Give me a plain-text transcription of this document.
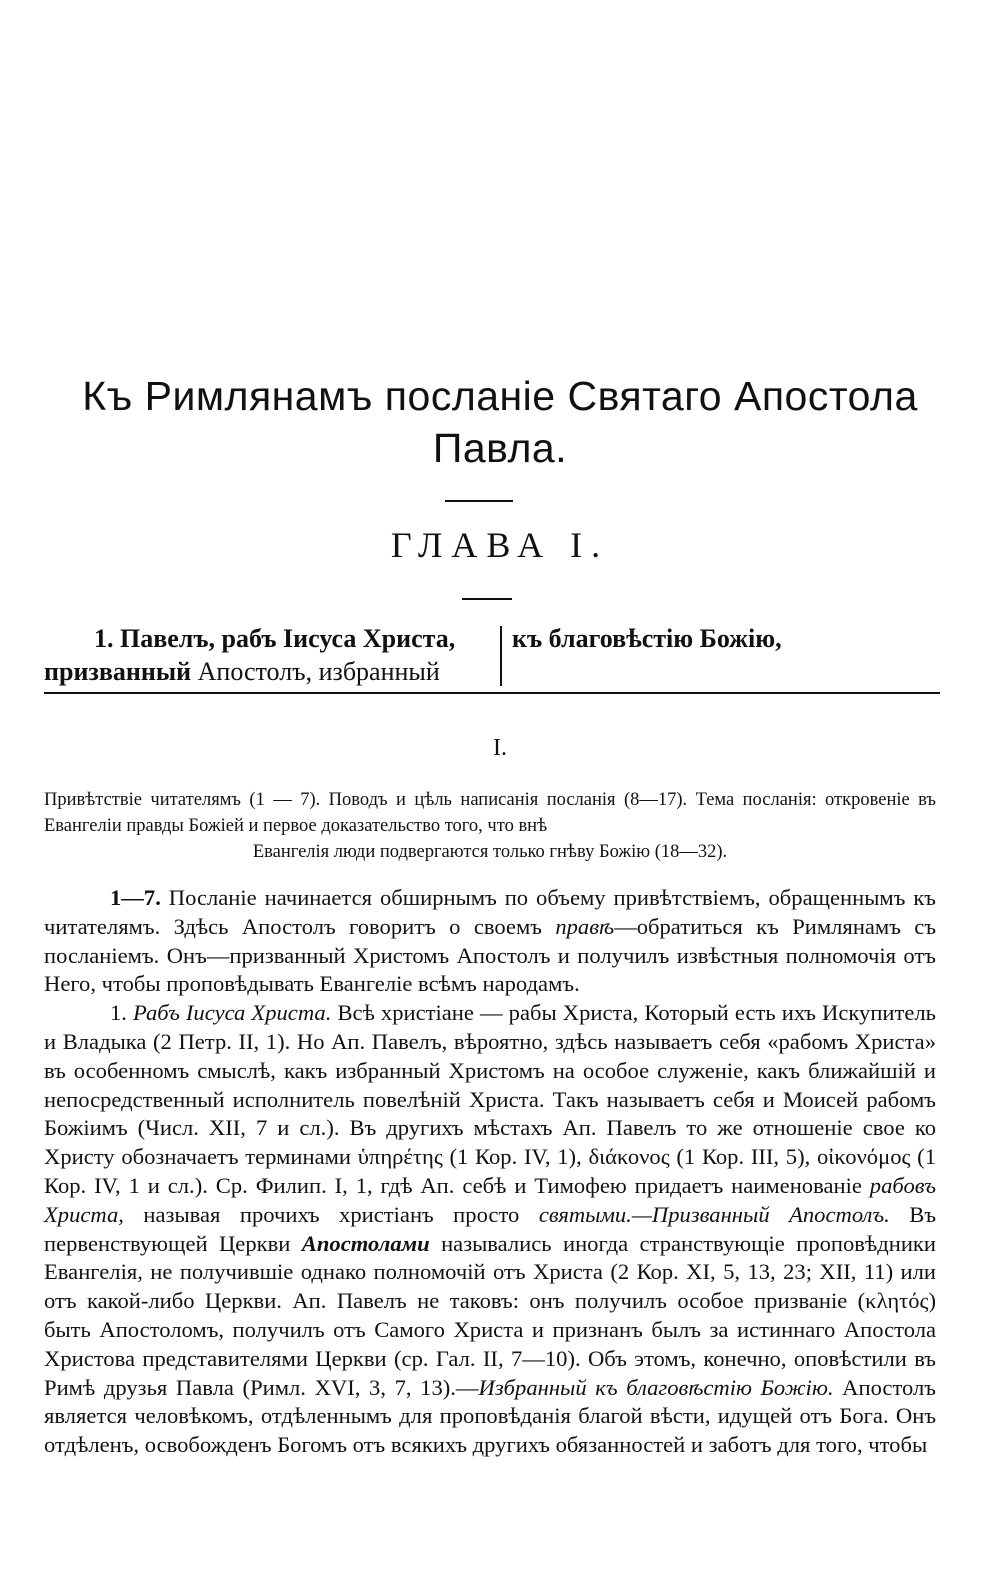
Къ Римлянамъ посланіе Святаго Апостола
Павла.
ГЛАВА I.
1. Павелъ, рабъ Іисуса Христа,
призванный Апостолъ, избранный
къ благовѣстію Божію,
I.
Привѣтствіе читателямъ (1 — 7). Поводъ и цѣль написанія посланія (8—17). Тема посланія: откровеніе въ Евангеліи правды Божіей и первое доказательство того, что внѣ
Евангелія люди подвергаются только гнѣву Божію (18—32).

1—7. Посланіе начинается обширнымъ по объему привѣтствіемъ, обращеннымъ къ читателямъ. Здѣсь Апостолъ говоритъ о своемъ правѣ—обратиться къ Римлянамъ съ посланіемъ. Онъ—призванный Христомъ Апостолъ и получилъ извѣстныя полномочія отъ Него, чтобы проповѣдывать Евангеліе всѣмъ народамъ.

1. Рабъ Іисуса Христа. Всѣ христіане — рабы Христа, Который есть ихъ Искупитель и Владыка (2 Петр. II, 1). Но Ап. Павелъ, вѣроятно, здѣсь называетъ себя «рабомъ Христа» въ особенномъ смыслѣ, какъ избранный Христомъ на особое служеніе, какъ ближайшій и непосредственный исполнитель повелѣній Христа. Такъ называетъ себя и Моисей рабомъ Божіимъ (Числ. XII, 7 и сл.). Въ другихъ мѣстахъ Ап. Павелъ то же отношеніе свое ко Христу обозначаетъ терминами ὑπηρέτης (1 Кор. IV, 1), διάκονος (1 Кор. III, 5), οἰκονόμος (1 Кор. IV, 1 и сл.). Ср. Филип. I, 1, гдѣ Ап. себѣ и Тимофею придаетъ наименованіе рабовъ Христа, называя прочихъ христіанъ просто святыми.—Призванный Апостолъ. Въ первенствующей Церкви Апостолами назывались иногда странствующіе проповѣдники Евангелія, не получившіе однако полномочій отъ Христа (2 Кор. XI, 5, 13, 23; XII, 11) или отъ какой-либо Церкви. Ап. Павелъ не таковъ: онъ получилъ особое призваніе (κλητός) быть Апостоломъ, получилъ отъ Самого Христа и признанъ былъ за истиннаго Апостола Христова представителями Церкви (ср. Гал. II, 7—10). Объ этомъ, конечно, оповѣстили въ Римѣ друзья Павла (Римл. XVI, 3, 7, 13).—Избранный къ благовѣстію Божію. Апостолъ является человѣкомъ, отдѣленнымъ для проповѣданія благой вѣсти, идущей отъ Бога. Онъ отдѣленъ, освобожденъ Богомъ отъ всякихъ другихъ обязанностей и заботъ для того, чтобы
